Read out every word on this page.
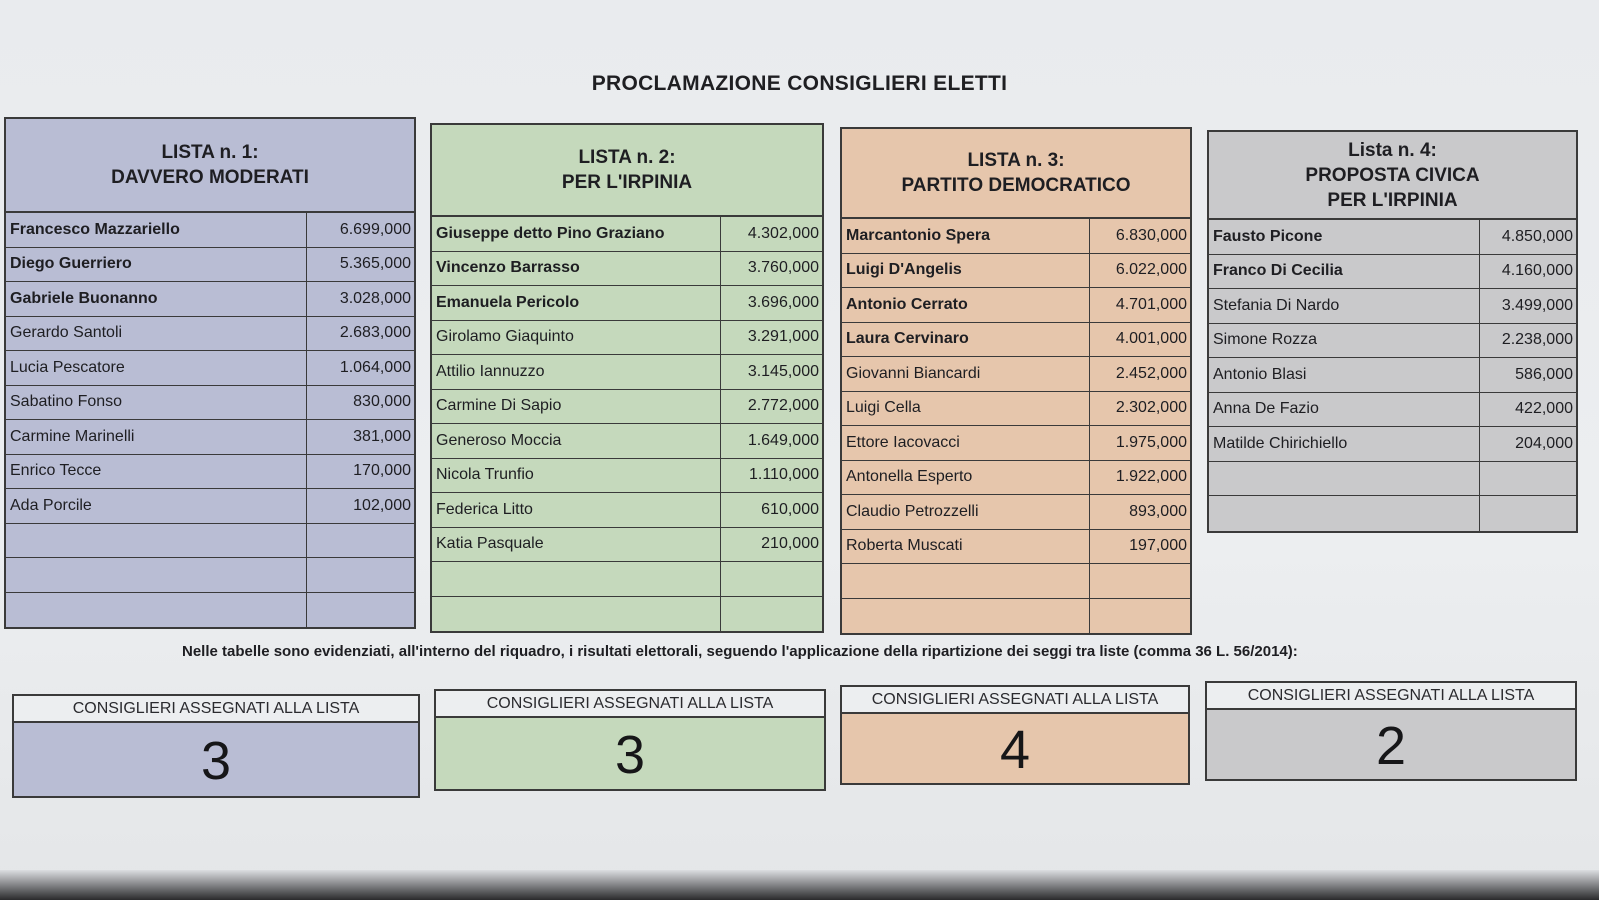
PROCLAMAZIONE CONSIGLIERI ELETTI
LISTA n. 1:
DAVVERO MODERATI
Francesco Mazzariello	6.699,000
Diego Guerriero	5.365,000
Gabriele Buonanno	3.028,000
Gerardo Santoli	2.683,000
Lucia Pescatore	1.064,000
Sabatino Fonso	830,000
Carmine Marinelli	381,000
Enrico Tecce	170,000
Ada Porcile	102,000
LISTA n. 2:
PER L'IRPINIA
Giuseppe detto Pino Graziano	4.302,000
Vincenzo Barrasso	3.760,000
Emanuela Pericolo	3.696,000
Girolamo Giaquinto	3.291,000
Attilio Iannuzzo	3.145,000
Carmine Di Sapio	2.772,000
Generoso Moccia	1.649,000
Nicola Trunfio	1.110,000
Federica Litto	610,000
Katia Pasquale	210,000
LISTA n. 3:
PARTITO DEMOCRATICO
Marcantonio Spera	6.830,000
Luigi D'Angelis	6.022,000
Antonio Cerrato	4.701,000
Laura Cervinaro	4.001,000
Giovanni Biancardi	2.452,000
Luigi Cella	2.302,000
Ettore Iacovacci	1.975,000
Antonella Esperto	1.922,000
Claudio Petrozzelli	893,000
Roberta Muscati	197,000
Lista n. 4:
PROPOSTA CIVICA
PER L'IRPINIA
Fausto Picone	4.850,000
Franco Di Cecilia	4.160,000
Stefania Di Nardo	3.499,000
Simone Rozza	2.238,000
Antonio Blasi	586,000
Anna De Fazio	422,000
Matilde Chirichiello	204,000
Nelle tabelle sono evidenziati, all'interno del riquadro, i risultati elettorali, seguendo l'applicazione della ripartizione dei seggi tra liste (comma 36 L. 56/2014):
CONSIGLIERI ASSEGNATI ALLA LISTA
3
CONSIGLIERI ASSEGNATI ALLA LISTA
3
CONSIGLIERI ASSEGNATI ALLA LISTA
4
CONSIGLIERI ASSEGNATI ALLA LISTA
2
